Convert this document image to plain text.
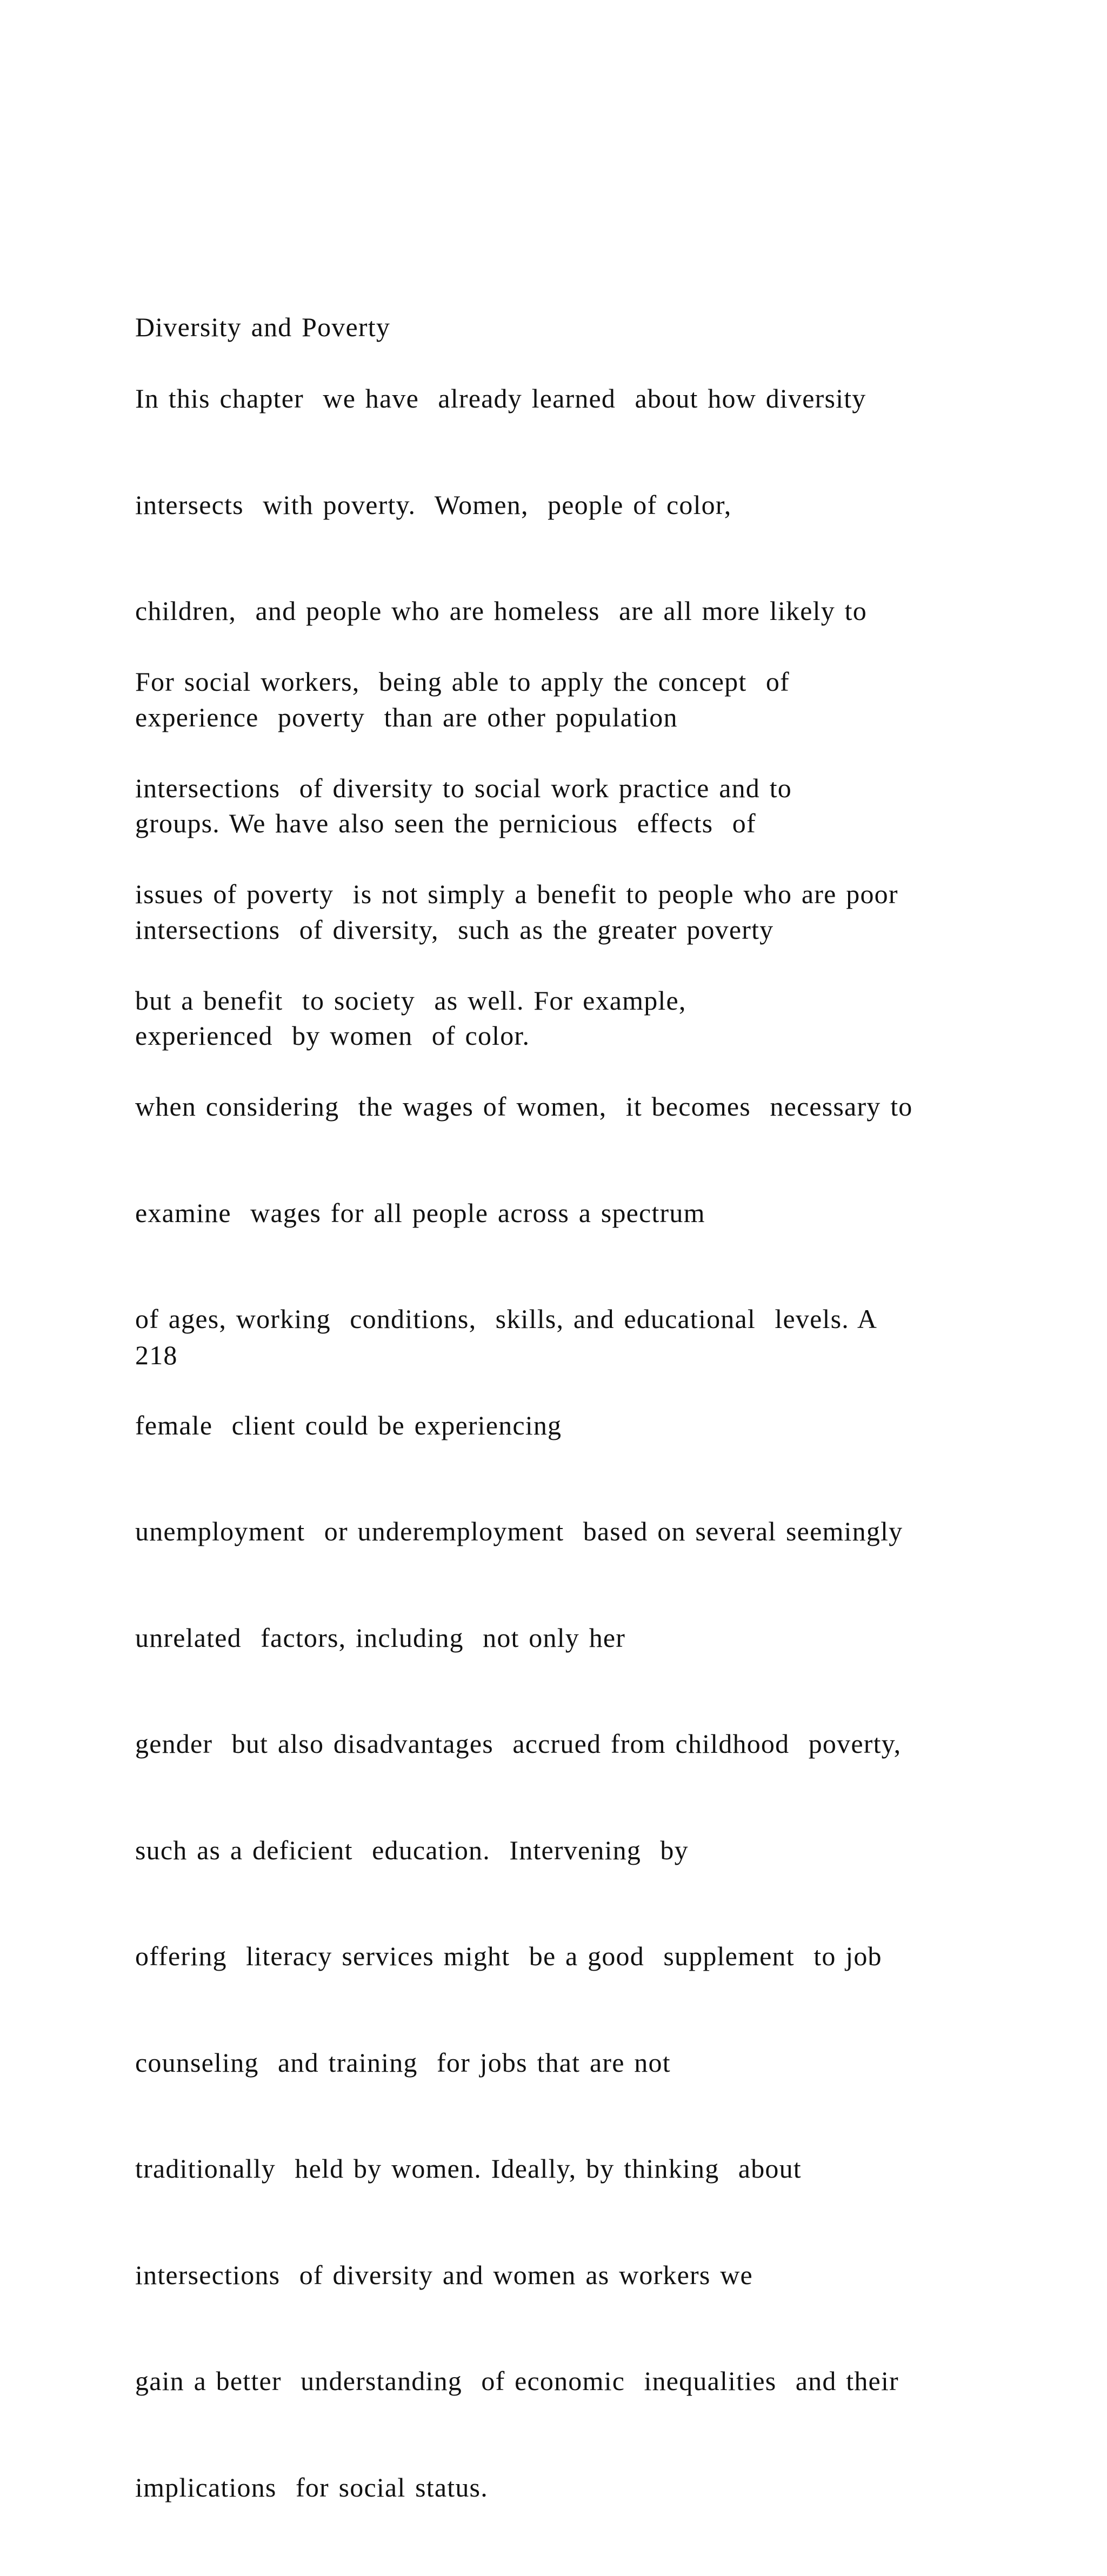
Diversity and Poverty

In this chapter  we have  already learned  about how diversity

intersects  with poverty.  Women,  people of color,

children,  and people who are homeless  are all more likely to

experience  poverty  than are other population

groups. We have also seen the pernicious  effects  of

intersections  of diversity,  such as the greater poverty

experienced  by women  of color.

For social workers,  being able to apply the concept  of

intersections  of diversity to social work practice and to

issues of poverty  is not simply a benefit to people who are poor

but a benefit  to society  as well. For example,

when considering  the wages of women,  it becomes  necessary to

examine  wages for all people across a spectrum

of ages, working  conditions,  skills, and educational  levels. A

female  client could be experiencing

unemployment  or underemployment  based on several seemingly

unrelated  factors, including  not only her

gender  but also disadvantages  accrued from childhood  poverty,

such as a deficient  education.  Intervening  by

offering  literacy services might  be a good  supplement  to job

counseling  and training  for jobs that are not

traditionally  held by women. Ideally, by thinking  about

intersections  of diversity and women as workers we

gain a better  understanding  of economic  inequalities  and their

implications  for social status.

218
